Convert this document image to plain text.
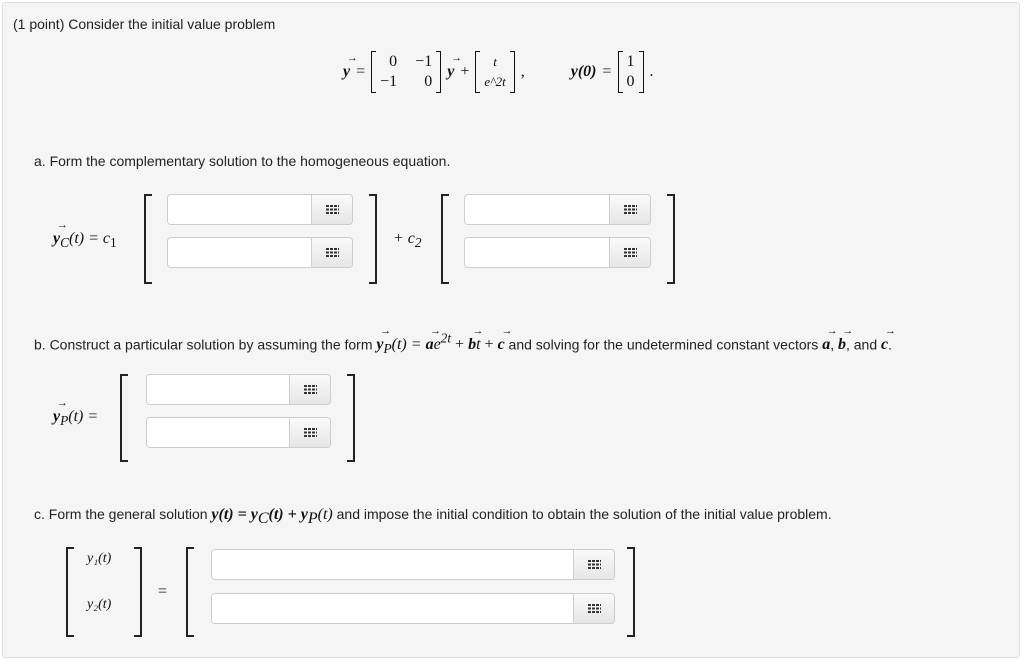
(1 point) Consider the initial value problem
y → =
0 −1
−1	0
y → +
t
e^2t
,	y(0) =
1
0
.
a. Form the complementary solution to the homogeneous equation.
$y \to_C(t) = c_1$	+ $c_2$
b. Construct a particular solution by assuming the form $y \to_P(t) = a \to e^{2t} + b \to t + c$ → and solving for the undetermined constant vectors a →, b →, and c →.
$y \to_P(t)$ =
c. Form the general solution $y(t) = y_C(t) + y_P(t)$ and impose the initial condition to obtain the solution of the initial value problem.
y₁(t)
y₂(t)
=
